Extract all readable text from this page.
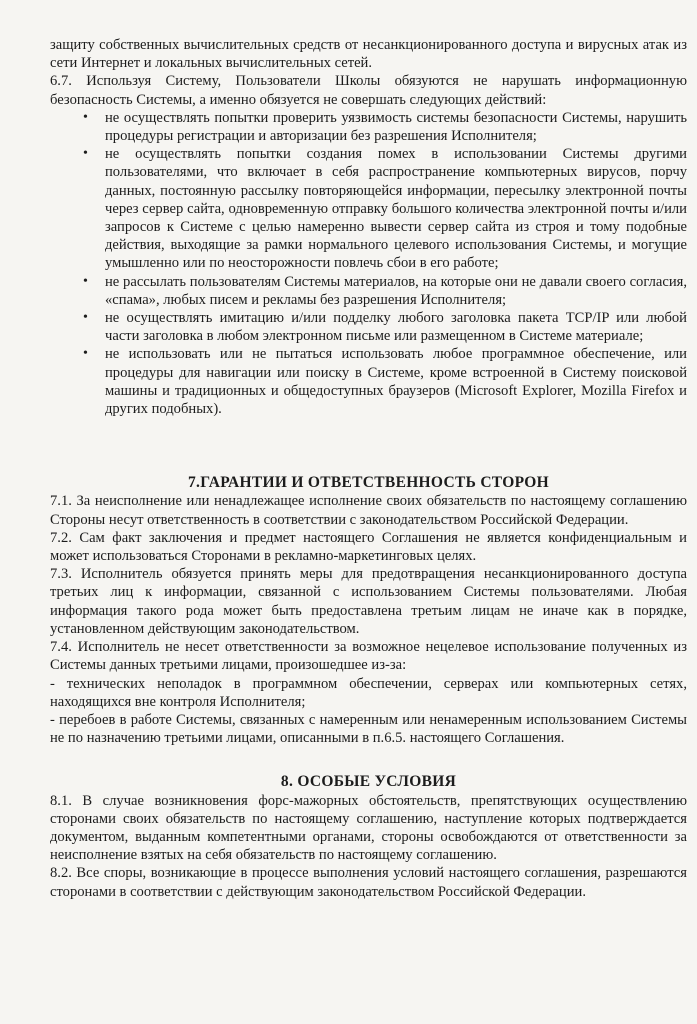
защиту собственных вычислительных средств от несанкционированного доступа и вирусных атак из сети Интернет и локальных вычислительных сетей.

6.7. Используя Систему, Пользователи Школы обязуются не нарушать информационную безопасность Системы, а именно обязуется не совершать следующих действий:

• не осуществлять попытки проверить уязвимость системы безопасности Системы, нарушить процедуры регистрации и авторизации без разрешения Исполнителя;
• не осуществлять попытки создания помех в использовании Системы другими пользователями, что включает в себя распространение компьютерных вирусов, порчу данных, постоянную рассылку повторяющейся информации, пересылку электронной почты через сервер сайта, одновременную отправку большого количества электронной почты и/или запросов к Системе с целью намеренно вывести сервер сайта из строя и тому подобные действия, выходящие за рамки нормального целевого использования Системы, и могущие умышленно или по неосторожности повлечь сбои в его работе;
• не рассылать пользователям Системы материалов, на которые они не давали своего согласия, «спама», любых писем и рекламы без разрешения Исполнителя;
• не осуществлять имитацию и/или подделку любого заголовка пакета TCP/IP или любой части заголовка в любом электронном письме или размещенном в Системе материале;
• не использовать или не пытаться использовать любое программное обеспечение, или процедуры для навигации или поиску в Системе, кроме встроенной в Систему поисковой машины и традиционных и общедоступных браузеров (Microsoft Explorer, Mozilla Firefox и других подобных).
7.ГАРАНТИИ И ОТВЕТСТВЕННОСТЬ СТОРОН

7.1. За неисполнение или ненадлежащее исполнение своих обязательств по настоящему соглашению Стороны несут ответственность в соответствии с законодательством Российской Федерации.

7.2. Сам факт заключения и предмет настоящего Соглашения не является конфиденциальным и может использоваться Сторонами в рекламно-маркетинговых целях.

7.3. Исполнитель обязуется принять меры для предотвращения несанкционированного доступа третьих лиц к информации, связанной с использованием Системы пользователями. Любая информация такого рода может быть предоставлена третьим лицам не иначе как в порядке, установленном действующим законодательством.

7.4. Исполнитель не несет ответственности за возможное нецелевое использование полученных из Системы данных третьими лицами, произошедшее из-за:

- технических неполадок в программном обеспечении, серверах или компьютерных сетях, находящихся вне контроля Исполнителя;

- перебоев в работе Системы, связанных с намеренным или ненамеренным использованием Системы не по назначению третьими лицами, описанными в п.6.5. настоящего Соглашения.

8. ОСОБЫЕ УСЛОВИЯ

8.1. В случае возникновения форс-мажорных обстоятельств, препятствующих осуществлению сторонами своих обязательств по настоящему соглашению, наступление которых подтверждается документом, выданным компетентными органами, стороны освобождаются от ответственности за неисполнение взятых на себя обязательств по настоящему соглашению.

8.2. Все споры, возникающие в процессе выполнения условий настоящего соглашения, разрешаются сторонами в соответствии с действующим законодательством Российской Федерации.
